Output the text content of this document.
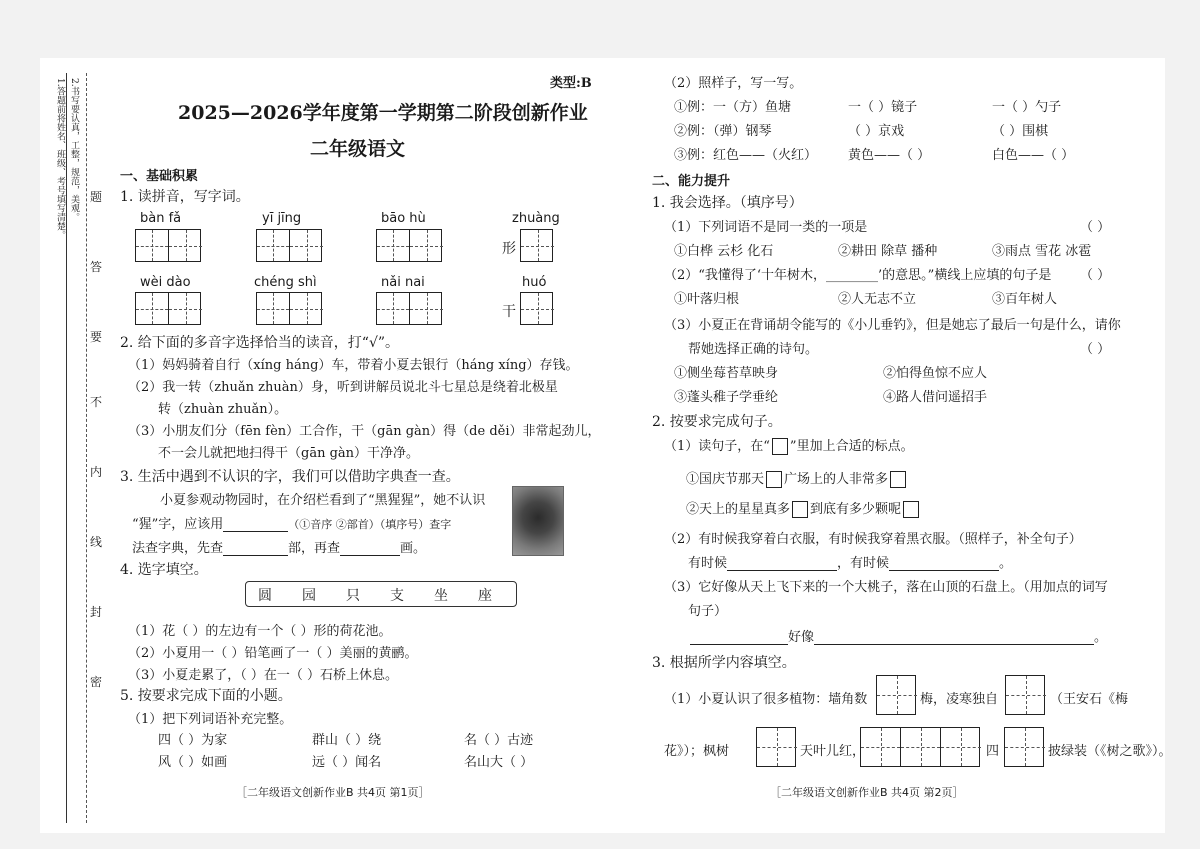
1.答题前将姓名、班级、考号填写清楚。 2.书写要认真，工整，规范，美观。 题
答
要
不
内
线
封
密
类型:B
2025—2026学年度第一学期第二阶段创新作业
二年级语文
一、基础积累
1. 读拼音，写字词。
bàn fǎ	yī jīng	bāo hù	zhuàng
形
wèi dào	chéng shì	nǎi nai	huó
干
2. 给下面的多音字选择恰当的读音，打“√”。
（1）妈妈骑着自行（xíng háng）车，带着小夏去银行（háng xíng）存钱。
（2）我一转（zhuǎn zhuàn）身，听到讲解员说北斗七星总是绕着北极星
转（zhuàn zhuǎn）。
（3）小朋友们分（fēn fèn）工合作，干（gān gàn）得（de děi）非常起劲儿，
不一会儿就把地扫得干（gān gàn）干净净。
3. 生活中遇到不认识的字，我们可以借助字典查一查。
小夏参观动物园时，在介绍栏看到了“黑猩猩”，她不认识
“猩”字，应该用	（①音序 ②部首）（填序号）查字
法查字典，先查	部，再查	画。
4. 选字填空。
圆 园 只 支 坐 座
（1）花（ ）的左边有一个（ ）形的荷花池。
（2）小夏用一（ ）铅笔画了一（ ）美丽的黄鹂。
（3）小夏走累了，（ ）在一（ ）石桥上休息。
5. 按要求完成下面的小题。
（1）把下列词语补充完整。
四（ ）为家	群山（ ）绕	名（ ）古迹
风（ ）如画	远（ ）闻名	名山大（ ）
［二年级语文创新作业B 共4页 第1页］
（2）照样子，写一写。
①例：一（方）鱼塘	一（ ）镜子	一（ ）勺子
②例：（弹）钢琴	（ ）京戏	（ ）围棋
③例：红色——（火红） 黄色——（ ）	白色——（ ）
二、能力提升
1. 我会选择。（填序号）
（1）下列词语不是同一类的一项是	（ ）
①白桦 云杉 化石	②耕田 除草 播种	③雨点 雪花 冰雹
（2）“我懂得了‘十年树木，________’的意思。”横线上应填的句子是 （ ）
①叶落归根	②人无志不立	③百年树人
（3）小夏正在背诵胡令能写的《小儿垂钓》，但是她忘了最后一句是什么，请你
帮她选择正确的诗句。	（ ）
①侧坐莓苔草映身	②怕得鱼惊不应人
③蓬头稚子学垂纶	④路人借问遥招手
2. 按要求完成句子。
（1）读句子，在“ ”里加上合适的标点。
①国庆节那天 广场上的人非常多
②天上的星星真多 到底有多少颗呢
（2）有时候我穿着白衣服，有时候我穿着黑衣服。（照样子，补全句子）
有时候	，有时候	。
（3）它好像从天上飞下来的一个大桃子，落在山顶的石盘上。（用加点的词写
句子）
好像	。
3. 根据所学内容填空。
（1）小夏认识了很多植物：墙角数	梅，凌寒独自	（王安石《梅
花》）；枫树	天叶儿红，	四	披绿装（《树之歌》）。
［二年级语文创新作业B 共4页 第2页］
